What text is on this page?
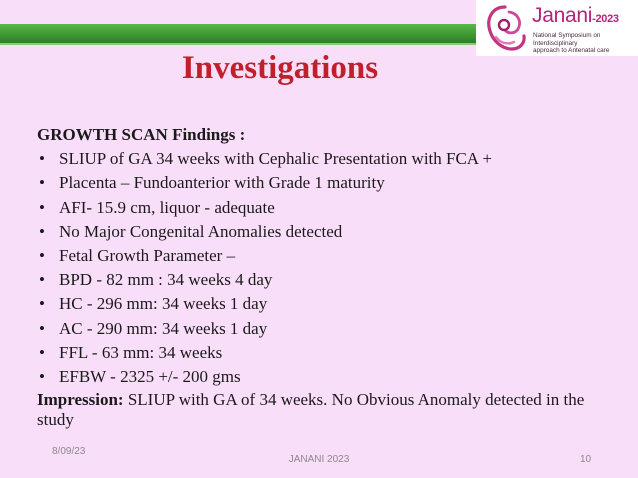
Janani-2023
National Symposium on Interdisciplinary
approach to Antenatal care
Investigations
GROWTH SCAN Findings :
• SLIUP of GA 34 weeks with Cephalic Presentation with FCA +
• Placenta – Fundoanterior with Grade 1 maturity
• AFI- 15.9 cm, liquor - adequate
• No Major Congenital Anomalies detected
• Fetal Growth Parameter –
• BPD - 82 mm : 34 weeks 4 day
• HC - 296 mm: 34 weeks 1 day
• AC - 290 mm: 34 weeks 1 day
• FFL - 63 mm: 34 weeks
• EFBW - 2325 +/- 200 gms
Impression: SLIUP with GA of 34 weeks. No Obvious Anomaly detected in the study
8/09/23
JANANI 2023	10
